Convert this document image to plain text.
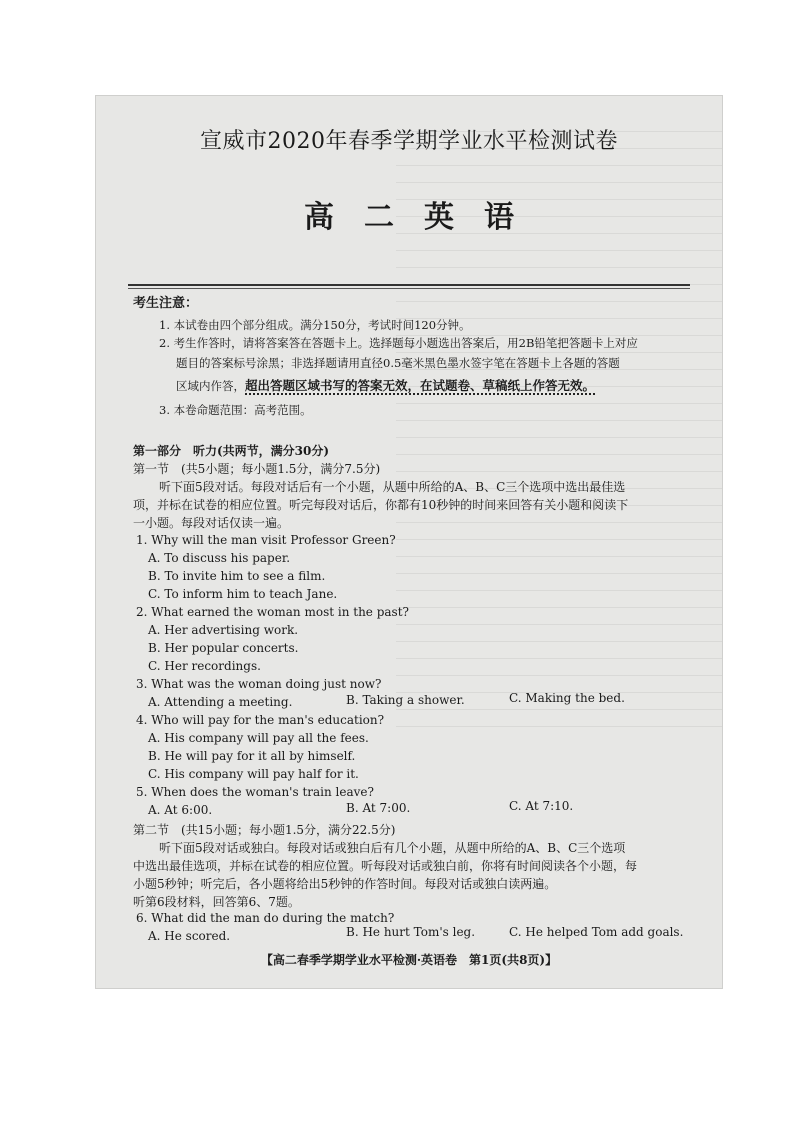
宣威市2020年春季学期学业水平检测试卷
高二英语
考生注意：
1. 本试卷由四个部分组成。满分150分，考试时间120分钟。
2. 考生作答时，请将答案答在答题卡上。选择题每小题选出答案后，用2B铅笔把答题卡上对应
题目的答案标号涂黑；非选择题请用直径0.5毫米黑色墨水签字笔在答题卡上各题的答题
区域内作答，超出答题区域书写的答案无效，在试题卷、草稿纸上作答无效。
3. 本卷命题范围：高考范围。
第一部分　听力(共两节，满分30分)
第一节　(共5小题；每小题1.5分，满分7.5分)
听下面5段对话。每段对话后有一个小题，从题中所给的A、B、C三个选项中选出最佳选
项，并标在试卷的相应位置。听完每段对话后，你都有10秒钟的时间来回答有关小题和阅读下
一小题。每段对话仅读一遍。
1. Why will the man visit Professor Green?
A. To discuss his paper.
B. To invite him to see a film.
C. To inform him to teach Jane.
2. What earned the woman most in the past?
A. Her advertising work.
B. Her popular concerts.
C. Her recordings.
3. What was the woman doing just now?
A. Attending a meeting.	B. Taking a shower.	C. Making the bed.
4. Who will pay for the man's education?
A. His company will pay all the fees.
B. He will pay for it all by himself.
C. His company will pay half for it.
5. When does the woman's train leave?
A. At 6:00.	B. At 7:00.	C. At 7:10.
第二节　(共15小题；每小题1.5分，满分22.5分)
听下面5段对话或独白。每段对话或独白后有几个小题，从题中所给的A、B、C三个选项
中选出最佳选项，并标在试卷的相应位置。听每段对话或独白前，你将有时间阅读各个小题，每
小题5秒钟；听完后，各小题将给出5秒钟的作答时间。每段对话或独白读两遍。
听第6段材料，回答第6、7题。
6. What did the man do during the match?
A. He scored.	B. He hurt Tom's leg.	C. He helped Tom add goals.
【高二春季学期学业水平检测·英语卷　第1页(共8页)】
